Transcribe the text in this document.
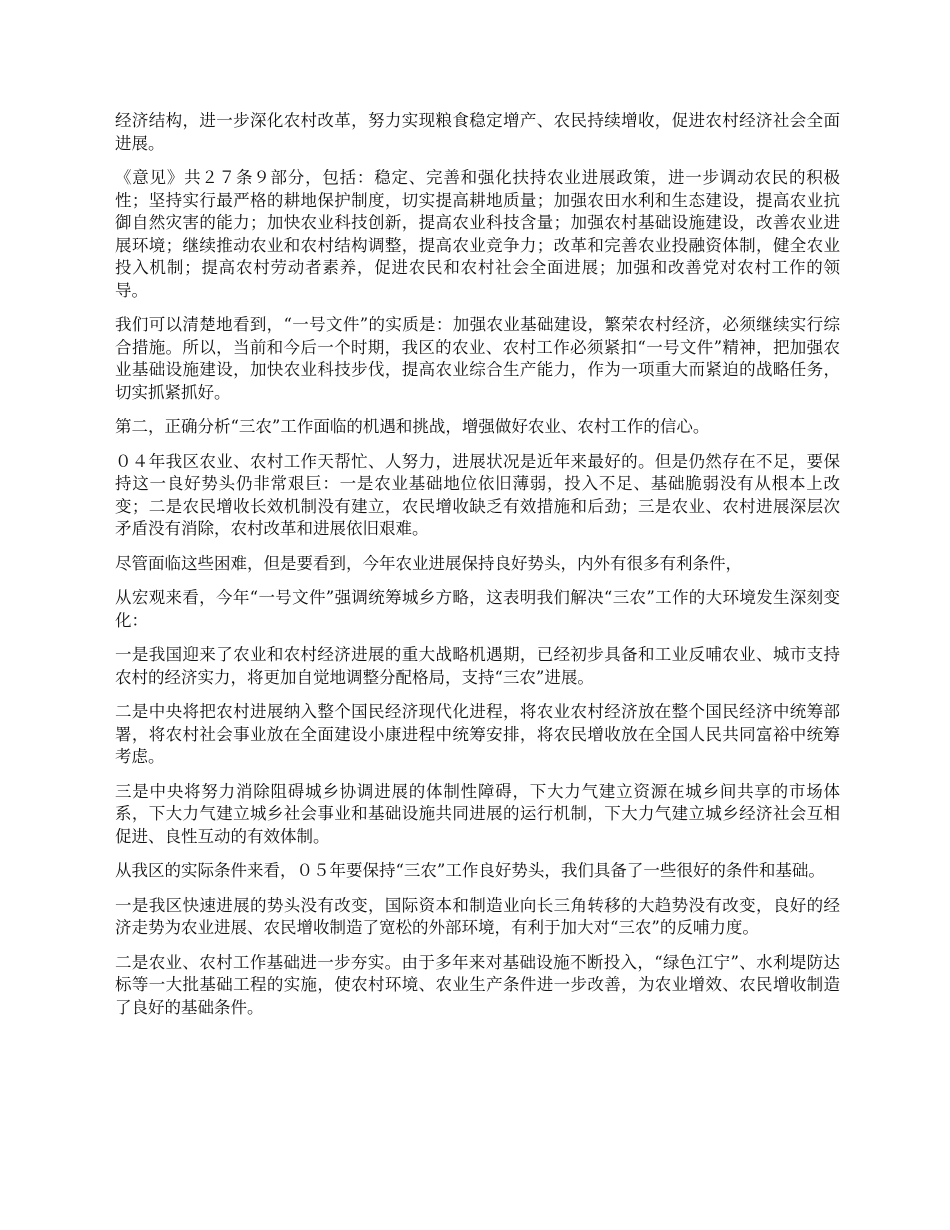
经济结构，进一步深化农村改革，努力实现粮食稳定增产、农民持续增收，促进农村经济社会全面进展。

《意见》共２７条９部分，包括：稳定、完善和强化扶持农业进展政策，进一步调动农民的积极性；坚持实行最严格的耕地保护制度，切实提高耕地质量；加强农田水利和生态建设，提高农业抗御自然灾害的能力；加快农业科技创新，提高农业科技含量；加强农村基础设施建设，改善农业进展环境；继续推动农业和农村结构调整，提高农业竞争力；改革和完善农业投融资体制，健全农业投入机制；提高农村劳动者素养，促进农民和农村社会全面进展；加强和改善党对农村工作的领导。

我们可以清楚地看到，“一号文件”的实质是：加强农业基础建设，繁荣农村经济，必须继续实行综合措施。所以，当前和今后一个时期，我区的农业、农村工作必须紧扣“一号文件”精神，把加强农业基础设施建设，加快农业科技步伐，提高农业综合生产能力，作为一项重大而紧迫的战略任务，切实抓紧抓好。

第二，正确分析“三农”工作面临的机遇和挑战，增强做好农业、农村工作的信心。

０４年我区农业、农村工作天帮忙、人努力，进展状况是近年来最好的。但是仍然存在不足，要保持这一良好势头仍非常艰巨：一是农业基础地位依旧薄弱，投入不足、基础脆弱没有从根本上改变；二是农民增收长效机制没有建立，农民增收缺乏有效措施和后劲；三是农业、农村进展深层次矛盾没有消除，农村改革和进展依旧艰难。

尽管面临这些困难，但是要看到，今年农业进展保持良好势头，内外有很多有利条件，

从宏观来看，今年“一号文件”强调统筹城乡方略，这表明我们解决“三农”工作的大环境发生深刻变化：

一是我国迎来了农业和农村经济进展的重大战略机遇期，已经初步具备和工业反哺农业、城市支持农村的经济实力，将更加自觉地调整分配格局，支持“三农”进展。

二是中央将把农村进展纳入整个国民经济现代化进程，将农业农村经济放在整个国民经济中统筹部署，将农村社会事业放在全面建设小康进程中统筹安排，将农民增收放在全国人民共同富裕中统筹考虑。

三是中央将努力消除阻碍城乡协调进展的体制性障碍，下大力气建立资源在城乡间共享的市场体系，下大力气建立城乡社会事业和基础设施共同进展的运行机制，下大力气建立城乡经济社会互相促进、良性互动的有效体制。

从我区的实际条件来看，０５年要保持“三农”工作良好势头，我们具备了一些很好的条件和基础。

一是我区快速进展的势头没有改变，国际资本和制造业向长三角转移的大趋势没有改变，良好的经济走势为农业进展、农民增收制造了宽松的外部环境，有利于加大对“三农”的反哺力度。

二是农业、农村工作基础进一步夯实。由于多年来对基础设施不断投入，“绿色江宁”、水利堤防达标等一大批基础工程的实施，使农村环境、农业生产条件进一步改善，为农业增效、农民增收制造了良好的基础条件。
